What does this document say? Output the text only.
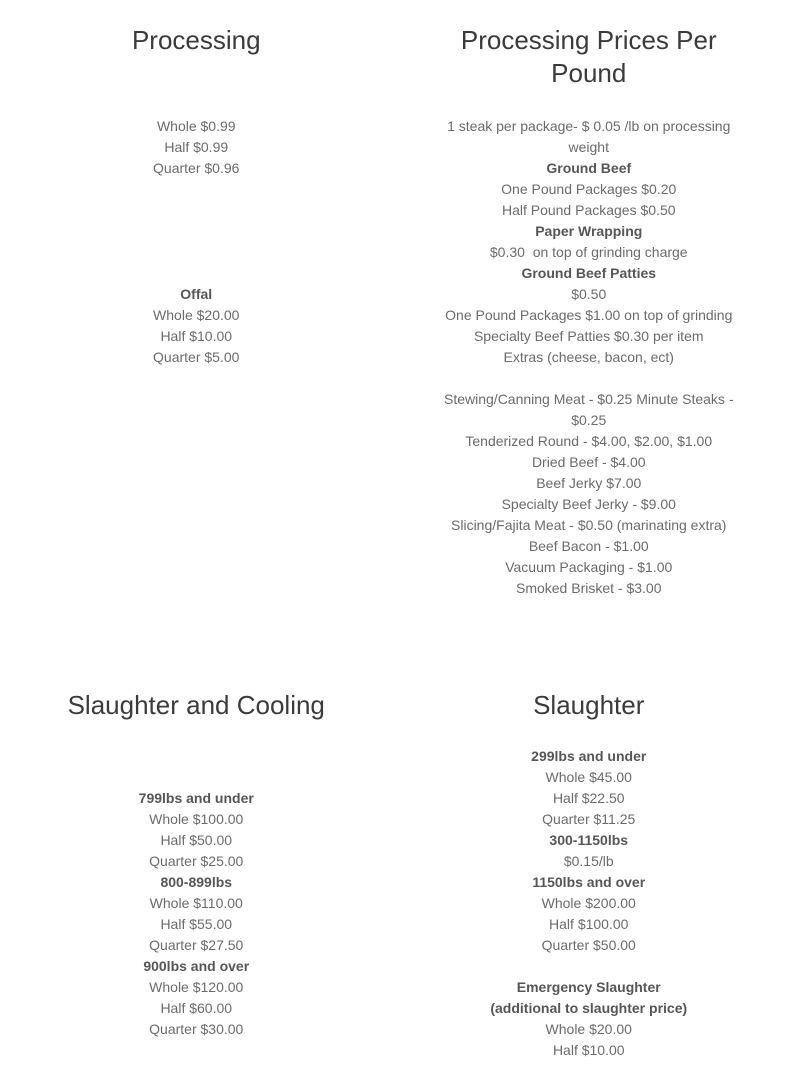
Processing
Whole $0.99
Half $0.99
Quarter $0.96

Offal
Whole $20.00
Half $10.00
Quarter $5.00
Processing Prices Per Pound
1 steak per package- $ 0.05 /lb on processing
weight
Ground Beef
One Pound Packages $0.20
Half Pound Packages $0.50
Paper Wrapping
$0.30  on top of grinding charge
Ground Beef Patties
$0.50
One Pound Packages $1.00 on top of grinding
Specialty Beef Patties $0.30 per item
Extras (cheese, bacon, ect)

Stewing/Canning Meat - $0.25 Minute Steaks -
$0.25
Tenderized Round - $4.00, $2.00, $1.00
Dried Beef - $4.00
Beef Jerky $7.00
Specialty Beef Jerky - $9.00
Slicing/Fajita Meat - $0.50 (marinating extra)
Beef Bacon - $1.00
Vacuum Packaging - $1.00
Smoked Brisket - $3.00
Slaughter and Cooling

799lbs and under
Whole $100.00
Half $50.00
Quarter $25.00
800-899lbs
Whole $110.00
Half $55.00
Quarter $27.50
900lbs and over
Whole $120.00
Half $60.00
Quarter $30.00
Slaughter
299lbs and under
Whole $45.00
Half $22.50
Quarter $11.25
300-1150lbs
$0.15/lb
1150lbs and over
Whole $200.00
Half $100.00
Quarter $50.00

Emergency Slaughter
(additional to slaughter price)
Whole $20.00
Half $10.00
